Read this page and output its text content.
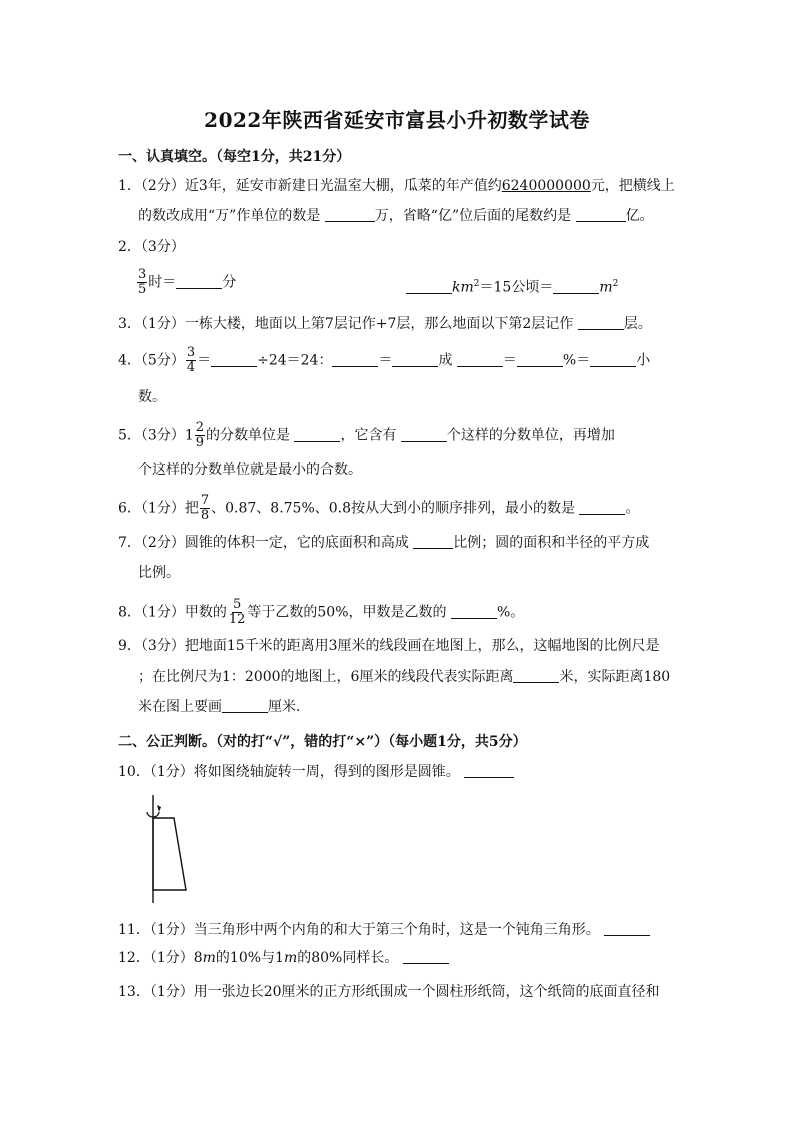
2022年陕西省延安市富县小升初数学试卷
一、认真填空。（每空1分，共21分）
1．（2分）近3年，延安市新建日光温室大棚，瓜菜的年产值约6240000000元，把横线上
的数改成用“万”作单位的数是	万，省略“亿”位后面的尾数约是	亿。
2．（3分）
$\frac{3}{5}$ 时＝	分	$km^2=15$公顷＝	$m^2$
3．（1分）一栋大楼，地面以上第7层记作+7层，那么地面以下第2层记作	层。
4．（5分） $\frac{3}{4}$ ＝	÷24＝24：	＝	成	＝	%＝	小
数。
5．（3分）$1 \frac{2}{9}$ 的分数单位是	，它含有	个这样的分数单位，再增加
个这样的分数单位就是最小的合数。
6．（1分）把 $\frac{7}{8}$ 、0.87、8.75%、0.8按从大到小的顺序排列，最小的数是	。
7．（2分）圆锥的体积一定，它的底面积和高成	比例；圆的面积和半径的平方成
比例。
8．（1分）甲数的 $\frac{5}{12}$ 等于乙数的50%，甲数是乙数的	%。
9．（3分）把地面15千米的距离用3厘米的线段画在地图上，那么，这幅地图的比例尺是
；在比例尺为1：2000的地图上，6厘米的线段代表实际距离	米，实际距离180
米在图上要画	厘米．
二、公正判断。（对的打“√”，错的打“×”）（每小题1分，共5分）
10．（1分）将如图绕轴旋转一周，得到的图形是圆锥。
11．（1分）当三角形中两个内角的和大于第三个角时，这是一个钝角三角形。
12．（1分）8m的10%与1m的80%同样长。
13．（1分）用一张边长20厘米的正方形纸围成一个圆柱形纸筒，这个纸筒的底面直径和
